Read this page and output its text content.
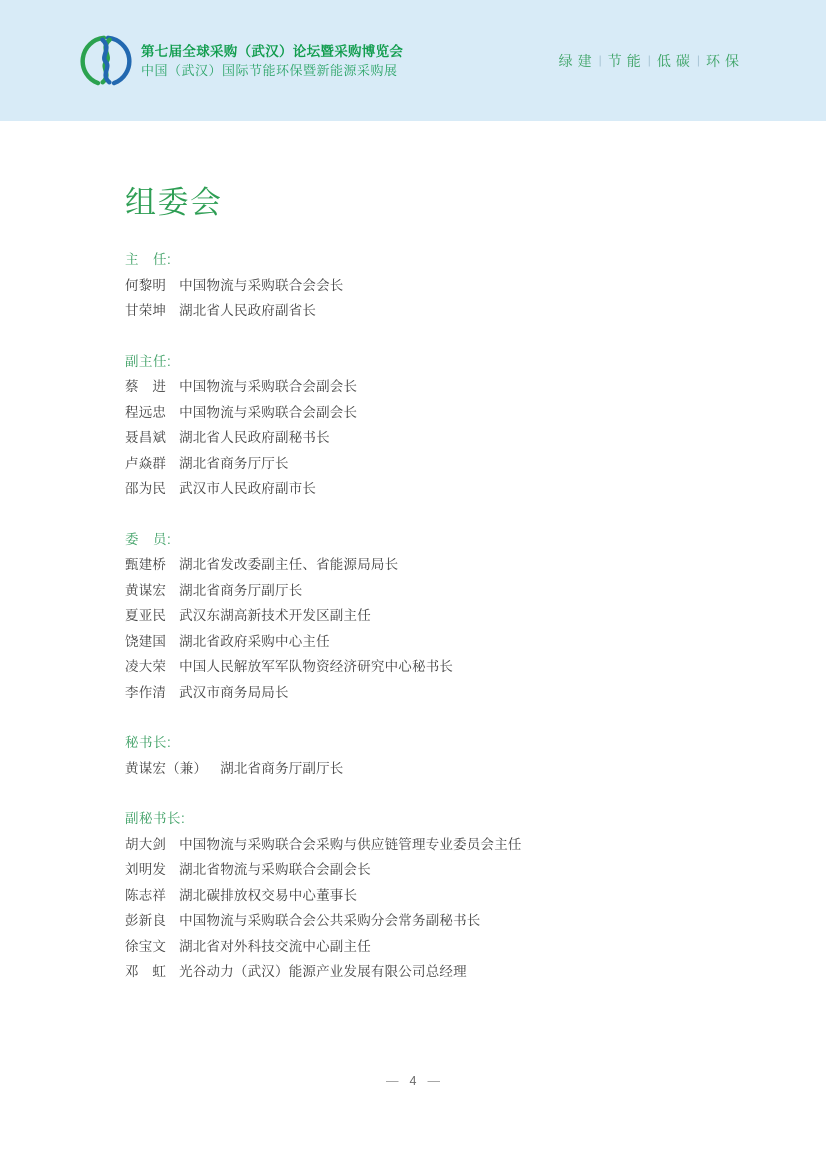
第七届全球采购（武汉）论坛暨采购博览会
中国（武汉）国际节能环保暨新能源采购展
绿建 | 节能 | 低碳 | 环保
组委会
主　任:
何黎明 中国物流与采购联合会会长
甘荣坤 湖北省人民政府副省长
副主任:
蔡　进 中国物流与采购联合会副会长
程远忠 中国物流与采购联合会副会长
聂昌斌 湖北省人民政府副秘书长
卢焱群 湖北省商务厅厅长
邵为民 武汉市人民政府副市长
委　员:
甄建桥 湖北省发改委副主任、省能源局局长
黄谋宏 湖北省商务厅副厅长
夏亚民 武汉东湖高新技术开发区副主任
饶建国 湖北省政府采购中心主任
凌大荣 中国人民解放军军队物资经济研究中心秘书长
李作清 武汉市商务局局长
秘书长:
黄谋宏（兼） 湖北省商务厅副厅长
副秘书长:
胡大剑 中国物流与采购联合会采购与供应链管理专业委员会主任
刘明发 湖北省物流与采购联合会副会长
陈志祥 湖北碳排放权交易中心董事长
彭新良 中国物流与采购联合会公共采购分会常务副秘书长
徐宝文 湖北省对外科技交流中心副主任
邓　虹 光谷动力（武汉）能源产业发展有限公司总经理
— 4 —
